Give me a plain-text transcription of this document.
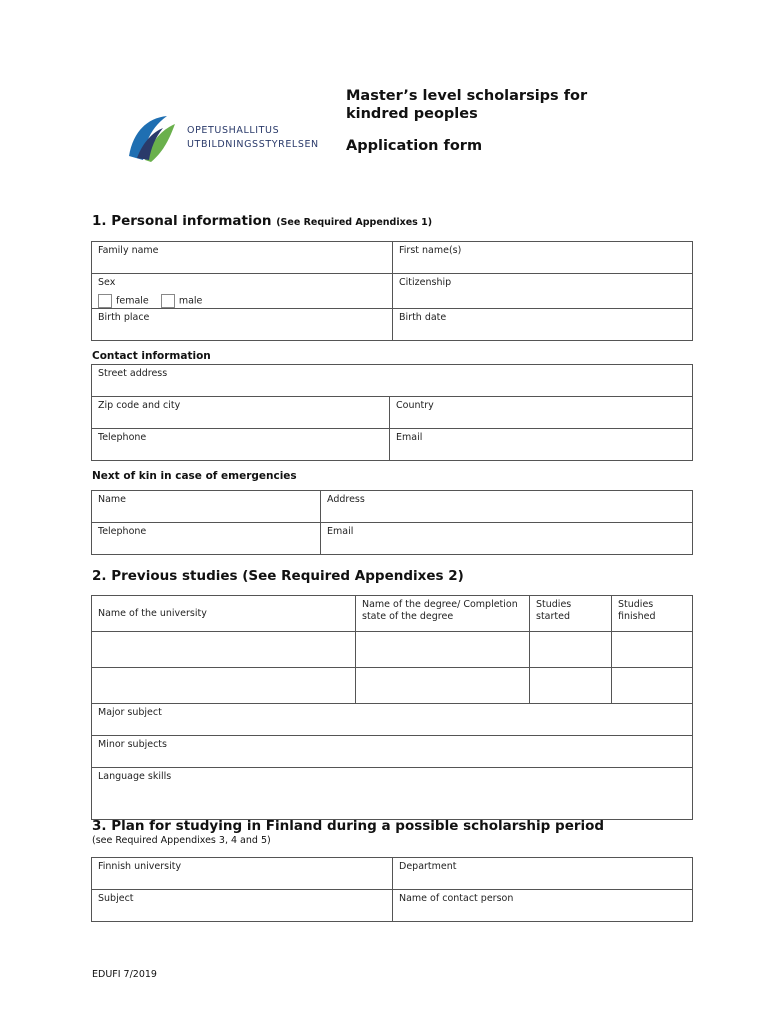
OPETUSHALLITUS
UTBILDNINGSSTYRELSEN
Master’s level scholarsips for
kindred peoples
Application form
1. Personal information (See Required Appendixes 1)
Family name	First name(s)

Sex
female male	Citizenship
Birth place	Birth date
Contact information
Street address	
Zip code and city	Country
Telephone	Email
Next of kin in case of emergencies
Name	Address
Telephone	Email
2. Previous studies (See Required Appendixes 2)
Name of the university	Name of the degree/ Completion state of the degree	Studies started	Studies finished

Major subject			
Minor subjects			
Language skills			
3. Plan for studying in Finland during a possible scholarship period
(see Required Appendixes 3, 4 and 5)
Finnish university	Department
Subject	Name of contact person
EDUFI 7/2019
